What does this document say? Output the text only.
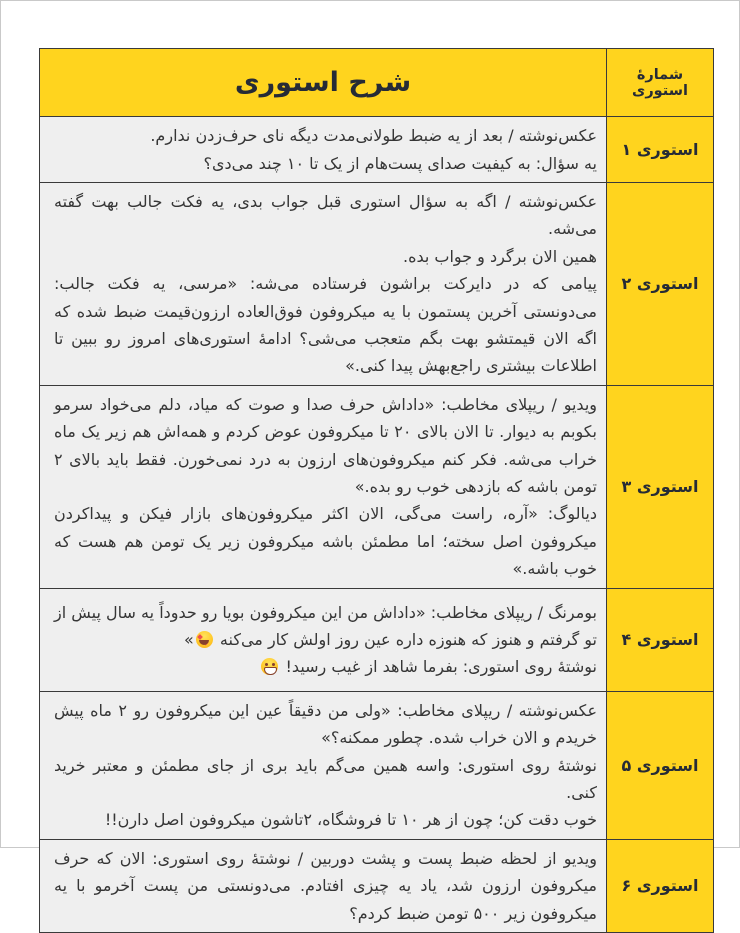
شمارهٔ استوری
شرح استوری
استوری ۱

عکس‌نوشته / بعد از یه ضبط طولانی‌مدت دیگه نای حرف‌زدن ندارم.

یه سؤال: به کیفیت صدای پست‌هام از یک تا ۱۰ چند می‌دی؟

استوری ۲

عکس‌نوشته / اگه به سؤال استوری قبل جواب بدی، یه فکت جالب بهت گفته می‌شه.

همین الان برگرد و جواب بده.

پیامی که در دایرکت براشون فرستاده می‌شه: «مرسی، یه فکت جالب: می‌دونستی آخرین پستمون با یه میکروفون فوق‌العاده ارزون‌قیمت ضبط شده که اگه الان قیمتشو بهت بگم متعجب می‌شی؟ ادامهٔ استوری‌های امروز رو ببین تا اطلاعات بیشتری راجع‌بهش پیدا کنی.»

استوری ۳

ویدیو / ریپلای مخاطب: «داداش حرف صدا و صوت که میاد، دلم می‌خواد سرمو بکوبم به دیوار. تا الان بالای ۲۰ تا میکروفون عوض کردم و همه‌اش هم زیر یک ماه خراب می‌شه. فکر کنم میکروفون‌های ارزون به درد نمی‌خورن. فقط باید بالای ۲ تومن باشه که بازدهی خوب رو بده.»

دیالوگ: «آره، راست می‌گی، الان اکثر میکروفون‌های بازار فیکن و پیداکردن میکروفون اصل سخته؛ اما مطمئن باشه میکروفون زیر یک تومن هم هست که خوب باشه.»

استوری ۴

بومرنگ / ریپلای مخاطب: «داداش من این میکروفون بویا رو حدوداً یه سال پیش از تو گرفتم و هنوز که هنوزه داره عین روز اولش کار می‌کنه »

نوشتهٔ روی استوری: بفرما شاهد از غیب رسید!

استوری ۵

عکس‌نوشته / ریپلای مخاطب: «ولی من دقیقاً عین این میکروفون رو ۲ ماه پیش خریدم و الان خراب شده. چطور ممکنه؟»

نوشتهٔ روی استوری: واسه همین می‌گم باید بری از جای مطمئن و معتبر خرید کنی.

خوب دقت کن؛ چون از هر ۱۰ تا فروشگاه، ۲تاشون میکروفون اصل دارن!!

استوری ۶

ویدیو از لحظه ضبط پست و پشت دوربین / نوشتهٔ روی استوری: الان که حرف میکروفون ارزون شد، یاد یه چیزی افتادم. می‌دونستی من پست آخرمو با یه میکروفون زیر ۵۰۰ تومن ضبط کردم؟
